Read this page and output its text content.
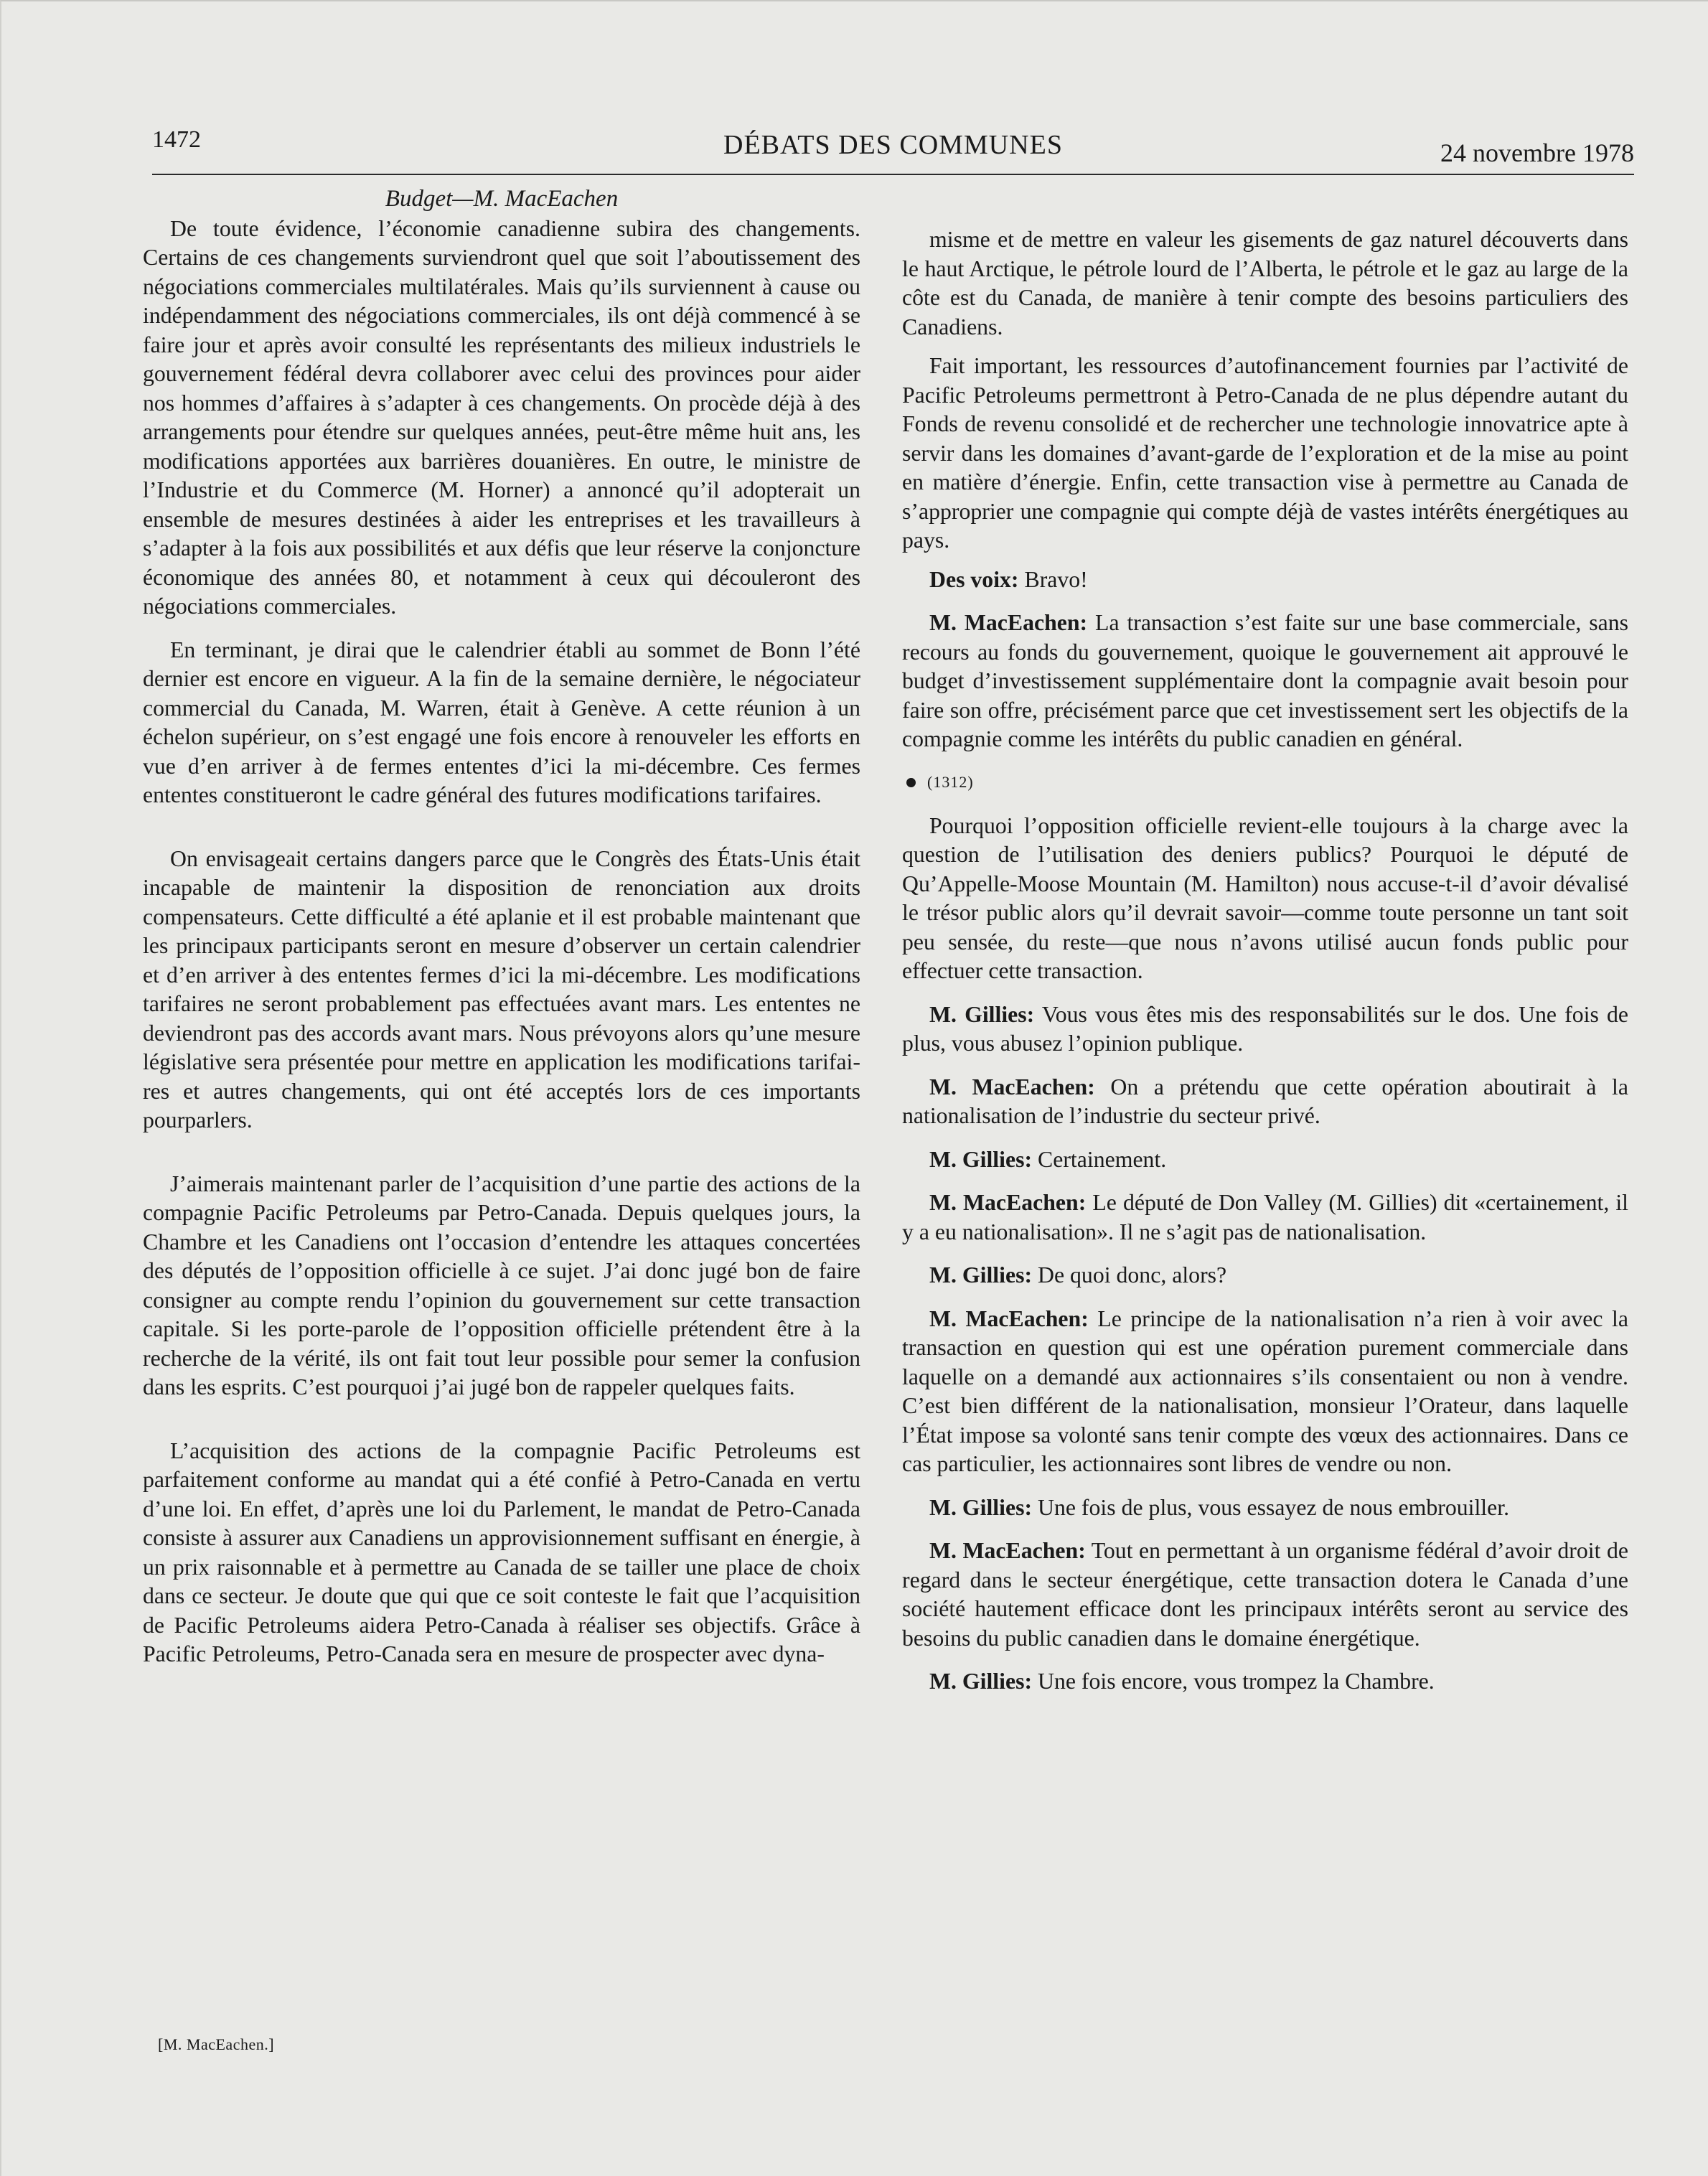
1472	DÉBATS DES COMMUNES	24 novembre 1978
Budget—M. MacEachen

De toute évidence, l’économie canadienne subira des changements. Certains de ces changements surviendront quel que soit l’aboutissement des négociations commerciales multilatérales. Mais qu’ils surviennent à cause ou indépendamment des négociations commerciales, ils ont déjà commencé à se faire jour et après avoir consulté les représentants des milieux industriels le gouvernement fédéral devra collaborer avec celui des provinces pour aider nos hommes d’affaires à s’adapter à ces changements. On procède déjà à des arrangements pour étendre sur quelques années, peut-être même huit ans, les modifications apportées aux barrières douanières. En outre, le ministre de l’Industrie et du Commerce (M. Horner) a annoncé qu’il adopterait un ensemble de mesures destinées à aider les entreprises et les travailleurs à s’adapter à la fois aux possibilités et aux défis que leur réserve la conjoncture économique des années 80, et notamment à ceux qui découleront des négociations commerciales.

En terminant, je dirai que le calendrier établi au sommet de Bonn l’été dernier est encore en vigueur. A la fin de la semaine dernière, le négociateur commercial du Canada, M. Warren, était à Genève. A cette réunion à un échelon supérieur, on s’est engagé une fois encore à renouveler les efforts en vue d’en arriver à de fermes ententes d’ici la mi-décembre. Ces fermes ententes constitueront le cadre général des futures modifications tarifaires.

On envisageait certains dangers parce que le Congrès des États-Unis était incapable de maintenir la disposition de renonciation aux droits compensateurs. Cette difficulté a été aplanie et il est probable maintenant que les principaux participants seront en mesure d’observer un certain calendrier et d’en arriver à des ententes fermes d’ici la mi-décembre. Les modifications tarifaires ne seront probablement pas effectuées avant mars. Les ententes ne deviendront pas des accords avant mars. Nous prévoyons alors qu’une mesure législative sera présentée pour mettre en application les modifications tarifaires et autres changements, qui ont été acceptés lors de ces importants pourparlers.

J’aimerais maintenant parler de l’acquisition d’une partie des actions de la compagnie Pacific Petroleums par Petro-Canada. Depuis quelques jours, la Chambre et les Canadiens ont l’occasion d’entendre les attaques concertées des députés de l’opposition officielle à ce sujet. J’ai donc jugé bon de faire consigner au compte rendu l’opinion du gouvernement sur cette transaction capitale. Si les porte-parole de l’opposition officielle prétendent être à la recherche de la vérité, ils ont fait tout leur possible pour semer la confusion dans les esprits. C’est pourquoi j’ai jugé bon de rappeler quelques faits.

L’acquisition des actions de la compagnie Pacific Petroleums est parfaitement conforme au mandat qui a été confié à Petro-Canada en vertu d’une loi. En effet, d’après une loi du Parlement, le mandat de Petro-Canada consiste à assurer aux Canadiens un approvisionnement suffisant en énergie, à un prix raisonnable et à permettre au Canada de se tailler une place de choix dans ce secteur. Je doute que qui que ce soit conteste le fait que l’acquisition de Pacific Petroleums aidera Petro-Canada à réaliser ses objectifs. Grâce à Pacific Petroleums, Petro-Canada sera en mesure de prospecter avec dyna-

misme et de mettre en valeur les gisements de gaz naturel découverts dans le haut Arctique, le pétrole lourd de l’Alberta, le pétrole et le gaz au large de la côte est du Canada, de manière à tenir compte des besoins particuliers des Canadiens.

Fait important, les ressources d’autofinancement fournies par l’activité de Pacific Petroleums permettront à Petro-Canada de ne plus dépendre autant du Fonds de revenu consolidé et de rechercher une technologie innovatrice apte à servir dans les domaines d’avant-garde de l’exploration et de la mise au point en matière d’énergie. Enfin, cette transaction vise à permettre au Canada de s’approprier une compagnie qui compte déjà de vastes intérêts énergétiques au pays.

Des voix: Bravo!

M. MacEachen: La transaction s’est faite sur une base commerciale, sans recours au fonds du gouvernement, quoique le gouvernement ait approuvé le budget d’investissement supplémentaire dont la compagnie avait besoin pour faire son offre, précisément parce que cet investissement sert les objectifs de la compagnie comme les intérêts du public canadien en général.

(1312)

Pourquoi l’opposition officielle revient-elle toujours à la charge avec la question de l’utilisation des deniers publics? Pourquoi le député de Qu’Appelle-Moose Mountain (M. Hamilton) nous accuse-t-il d’avoir dévalisé le trésor public alors qu’il devrait savoir—comme toute personne un tant soit peu sensée, du reste—que nous n’avons utilisé aucun fonds public pour effectuer cette transaction.

M. Gillies: Vous vous êtes mis des responsabilités sur le dos. Une fois de plus, vous abusez l’opinion publique.

M. MacEachen: On a prétendu que cette opération aboutirait à la nationalisation de l’industrie du secteur privé.

M. Gillies: Certainement.

M. MacEachen: Le député de Don Valley (M. Gillies) dit «certainement, il y a eu nationalisation». Il ne s’agit pas de nationalisation.

M. Gillies: De quoi donc, alors?

M. MacEachen: Le principe de la nationalisation n’a rien à voir avec la transaction en question qui est une opération purement commerciale dans laquelle on a demandé aux actionnaires s’ils consentaient ou non à vendre. C’est bien différent de la nationalisation, monsieur l’Orateur, dans laquelle l’État impose sa volonté sans tenir compte des vœux des actionnaires. Dans ce cas particulier, les actionnaires sont libres de vendre ou non.

M. Gillies: Une fois de plus, vous essayez de nous embrouiller.

M. MacEachen: Tout en permettant à un organisme fédéral d’avoir droit de regard dans le secteur énergétique, cette transaction dotera le Canada d’une société hautement efficace dont les principaux intérêts seront au service des besoins du public canadien dans le domaine énergétique.

M. Gillies: Une fois encore, vous trompez la Chambre.

[M. MacEachen.]
